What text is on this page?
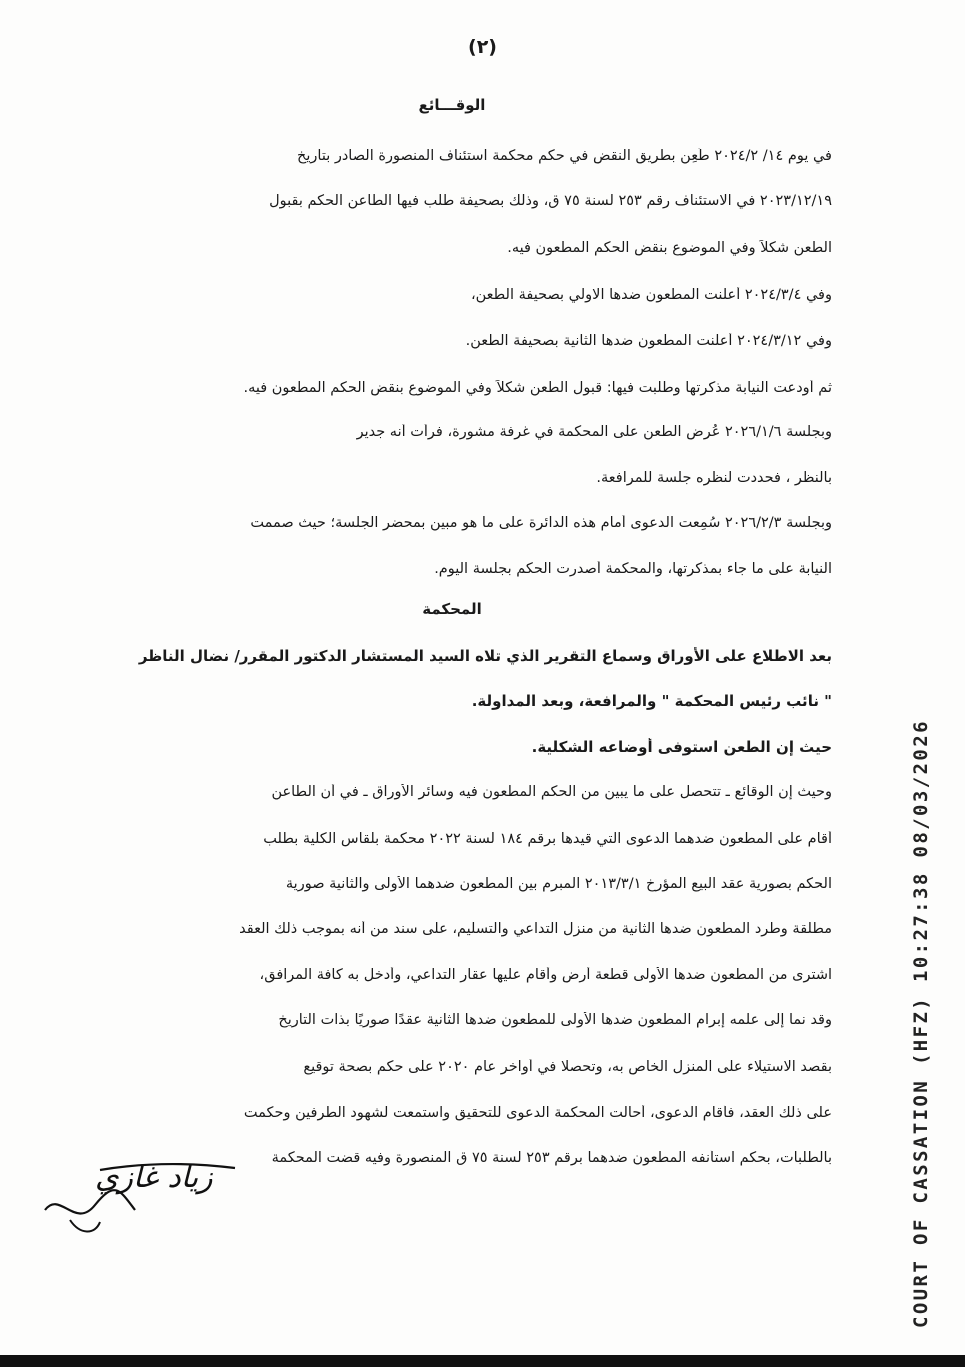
(٢)
الوقـــائع
في يوم ١٤/ ٢٠٢٤/٢ طُعِن بطريق النقض في حكم محكمة استئناف المنصورة الصادر بتاريخ
٢٠٢٣/١٢/١٩ في الاستئناف رقم ٢٥٣ لسنة ٧٥ ق، وذلك بصحيفة طلب فيها الطاعن الحكم بقبول
الطعن شكلاً وفي الموضوع بنقض الحكم المطعون فيه.
وفي ٢٠٢٤/٣/٤ أعلنت المطعون ضدها الاولي بصحيفة الطعن،
وفي ٢٠٢٤/٣/١٢ أعلنت المطعون ضدها الثانية بصحيفة الطعن.
ثم أودعت النيابة مذكرتها وطلبت فيها: قبول الطعن شكلاً وفي الموضوع بنقض الحكم المطعون فيه.
وبجلسة ٢٠٢٦/١/٦ عُرض الطعن على المحكمة في غرفة مشورة، فرأت أنه جدير
بالنظر ، فحددت لنظره جلسة للمرافعة.
وبجلسة ٢٠٢٦/٢/٣ سُمِعت الدعوى أمام هذه الدائرة على ما هو مبين بمحضر الجلسة؛ حيث صممت
النيابة على ما جاء بمذكرتها، والمحكمة أصدرت الحكم بجلسة اليوم.
المحكمة
بعد الاطلاع على الأوراق وسماع التقرير الذي تلاه السيد المستشار الدكتور المقرر/ نضال الناظر
" نائب رئيس المحكمة " والمرافعة، وبعد المداولة.
حيث إن الطعن استوفى أوضاعه الشكلية.
وحيث إن الوقائع ـ تتحصل على ما يبين من الحكم المطعون فيه وسائر الأوراق ـ في أن الطاعن
أقام على المطعون ضدهما الدعوى التي قيدها برقم ١٨٤ لسنة ٢٠٢٢ محكمة بلقاس الكلية بطلب
الحكم بصورية عقد البيع المؤرخ ٢٠١٣/٣/١ المبرم بين المطعون ضدهما الأولى والثانية صورية
مطلقة وطرد المطعون ضدها الثانية من منزل التداعي والتسليم، على سند من أنه بموجب ذلك العقد
اشترى من المطعون ضدها الأولى قطعة أرض وأقام عليها عقار التداعي، وأدخل به كافة المرافق،
وقد نما إلى علمه إبرام المطعون ضدها الأولى للمطعون ضدها الثانية عقدًا صوريًا بذات التاريخ
بقصد الاستيلاء على المنزل الخاص به، وتحصلا في أواخر عام ٢٠٢٠ على حكم بصحة توقيع
على ذلك العقد، فأقام الدعوى، أحالت المحكمة الدعوى للتحقيق واستمعت لشهود الطرفين وحكمت
بالطلبات، بحكم استأنفه المطعون ضدهما برقم ٢٥٣ لسنة ٧٥ ق المنصورة وفيه قضت المحكمة
زياد غازي	COURT OF CASSATION (HFZ) 10:27:38 08/03/2026
